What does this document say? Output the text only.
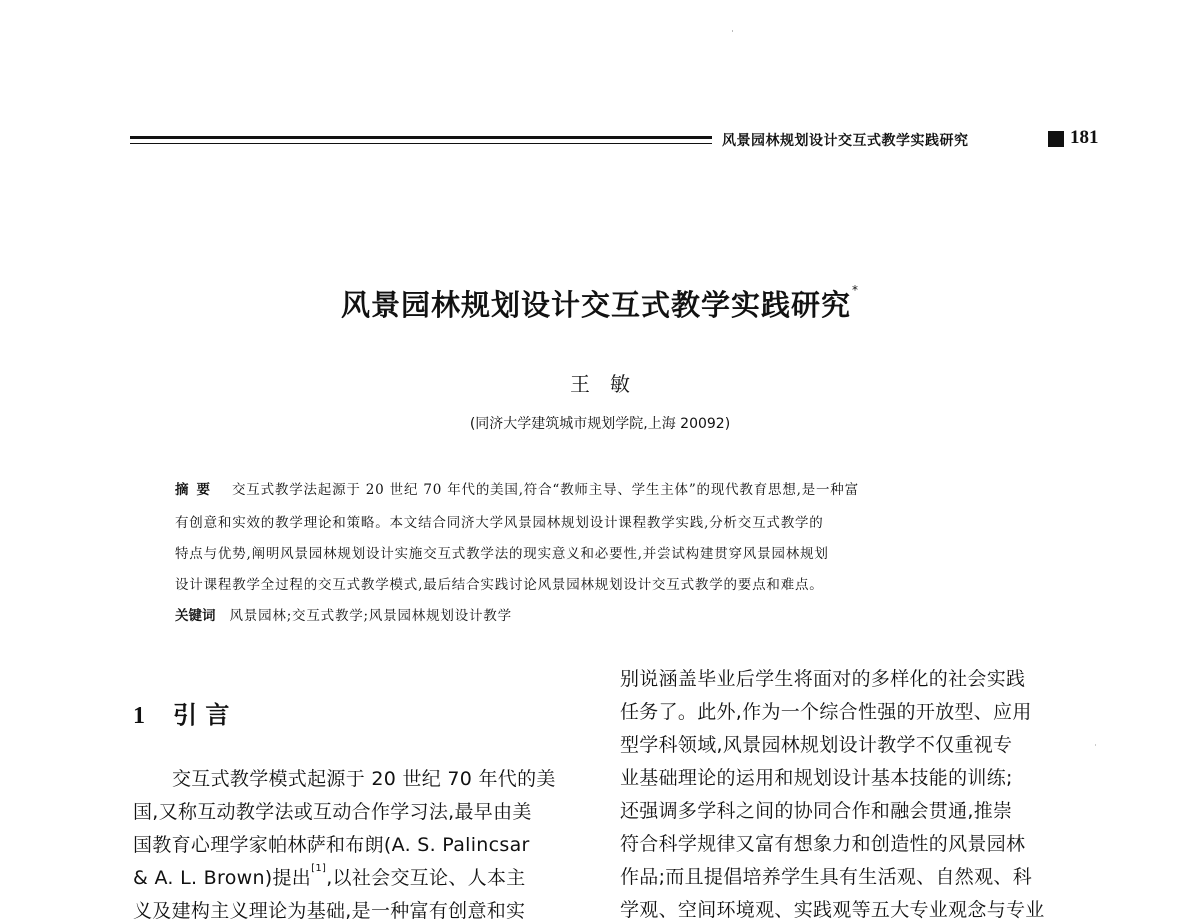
风景园林规划设计交互式教学实践研究	181
风景园林规划设计交互式教学实践研究*
王　敏
(同济大学建筑城市规划学院,上海 20092)
摘要 交互式教学法起源于 20 世纪 70 年代的美国,符合“教师主导、学生主体”的现代教育思想,是一种富
有创意和实效的教学理论和策略。本文结合同济大学风景园林规划设计课程教学实践,分析交互式教学的
特点与优势,阐明风景园林规划设计实施交互式教学法的现实意义和必要性,并尝试构建贯穿风景园林规划
设计课程教学全过程的交互式教学模式,最后结合实践讨论风景园林规划设计交互式教学的要点和难点。
关键词 风景园林;交互式教学;风景园林规划设计教学
1 引 言
交互式教学模式起源于 20 世纪 70 年代的美
国,又称互动教学法或互动合作学习法,最早由美
国教育心理学家帕林萨和布朗(A. S. Palincsar
& A. L. Brown)提出[1],以社会交互论、人本主
义及建构主义理论为基础,是一种富有创意和实
别说涵盖毕业后学生将面对的多样化的社会实践
任务了。此外,作为一个综合性强的开放型、应用
型学科领域,风景园林规划设计教学不仅重视专
业基础理论的运用和规划设计基本技能的训练;
还强调多学科之间的协同合作和融会贯通,推崇
符合科学规律又富有想象力和创造性的风景园林
作品;而且提倡培养学生具有生活观、自然观、科
学观、空间环境观、实践观等五大专业观念与专业
